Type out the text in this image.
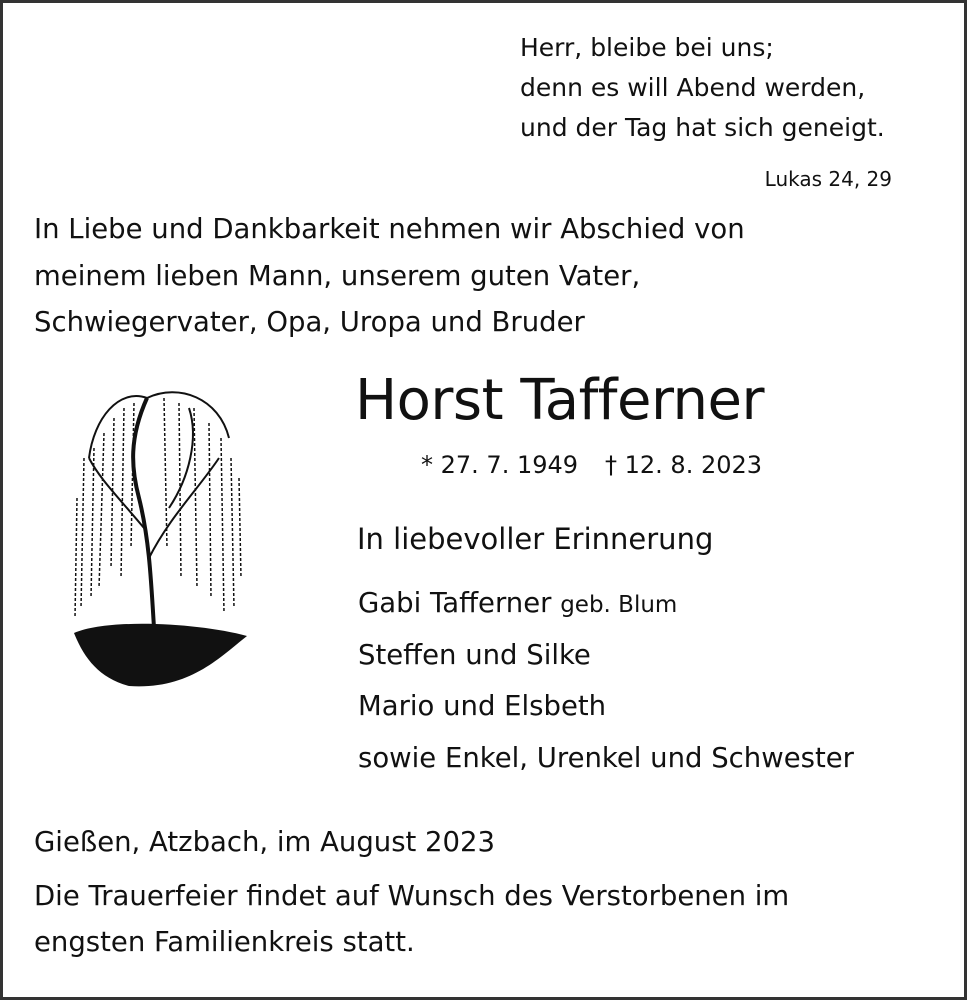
Herr, bleibe bei uns;
denn es will Abend werden,
und der Tag hat sich geneigt.
Lukas 24, 29
In Liebe und Dankbarkeit nehmen wir Abschied von
meinem lieben Mann, unserem guten Vater,
Schwiegervater, Opa, Uropa und Bruder
Horst Tafferner
* 27. 7. 1949 † 12. 8. 2023
In liebevoller Erinnerung
Gabi Tafferner geb. Blum
Steffen und Silke
Mario und Elsbeth
sowie Enkel, Urenkel und Schwester
Gießen, Atzbach, im August 2023
Die Trauerfeier findet auf Wunsch des Verstorbenen im
engsten Familienkreis statt.
